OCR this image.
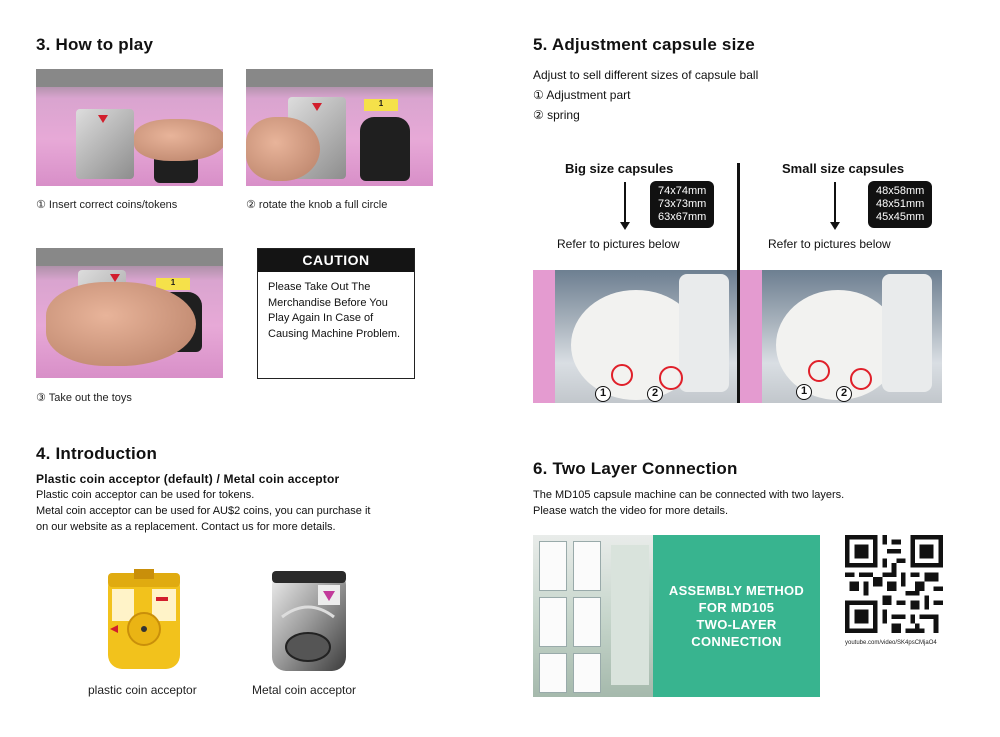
3. How to play
① Insert correct coins/tokens
1
② rotate the knob a full circle
1
③ Take out the toys
CAUTION
Please Take Out The Merchandise Before You Play Again In Case of Causing Machine Problem.
4. Introduction
Plastic coin acceptor (default) / Metal coin acceptor
Plastic coin acceptor can be used for tokens.
Metal coin acceptor can be used for AU$2 coins, you can purchase it
on our website as a replacement. Contact us for more details.
plastic coin acceptor	Metal coin acceptor
5. Adjustment capsule size
Adjust to sell different sizes of capsule ball
① Adjustment part
② spring
Big size capsules
74x74mm
73x73mm
63x67mm
Refer to pictures below
Small size capsules
48x58mm
48x51mm
45x45mm
Refer to pictures below
1	2	1	2
6. Two Layer Connection
The MD105 capsule machine can be connected with two layers.
Please watch the video for more details.
ASSEMBLY METHOD
FOR MD105
TWO-LAYER CONNECTION	youtube.com/video/SK4psCMjaO4
